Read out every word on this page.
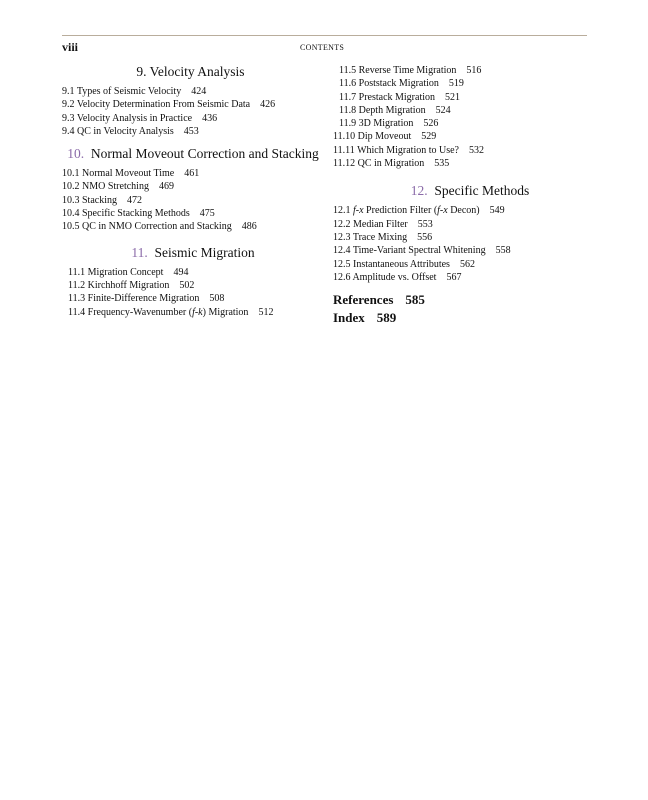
viii	CONTENTS
9. Velocity Analysis
9.1 Types of Seismic Velocity 424
9.2 Velocity Determination From Seismic Data 426
9.3 Velocity Analysis in Practice 436
9.4 QC in Velocity Analysis 453
10. Normal Moveout Correction and Stacking
10.1 Normal Moveout Time 461
10.2 NMO Stretching 469
10.3 Stacking 472
10.4 Specific Stacking Methods 475
10.5 QC in NMO Correction and Stacking 486
11. Seismic Migration
11.1 Migration Concept 494
11.2 Kirchhoff Migration 502
11.3 Finite-Difference Migration 508
11.4 Frequency-Wavenumber (f-k) Migration 512
11.5 Reverse Time Migration 516
11.6 Poststack Migration 519
11.7 Prestack Migration 521
11.8 Depth Migration 524
11.9 3D Migration 526
11.10 Dip Moveout 529
11.11 Which Migration to Use? 532
11.12 QC in Migration 535
12. Specific Methods
12.1 f-x Prediction Filter (f-x Decon) 549
12.2 Median Filter 553
12.3 Trace Mixing 556
12.4 Time-Variant Spectral Whitening 558
12.5 Instantaneous Attributes 562
12.6 Amplitude vs. Offset 567
References 585
Index 589
